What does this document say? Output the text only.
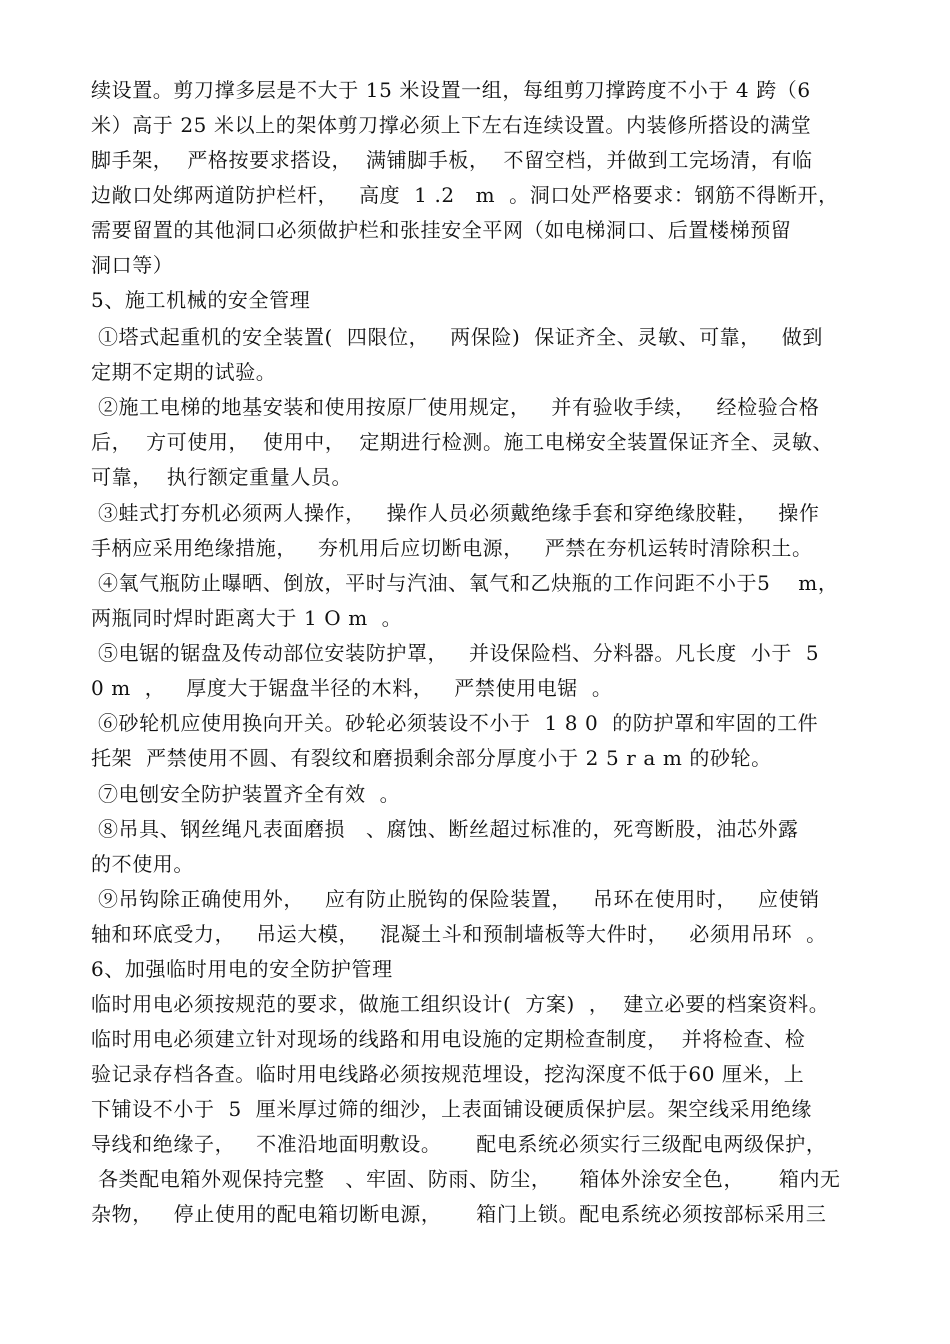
续设置。剪刀撑多层是不大于 15 米设置一组，每组剪刀撑跨度不小于 4 跨（6
米）高于 25 米以上的架体剪刀撑必须上下左右连续设置。内装修所搭设的满堂
脚手架，  严格按要求搭设，  满铺脚手板，  不留空档，并做到工完场清，有临
边敞口处绑两道防护栏杆，   高度  1 .2   m  。洞口处严格要求：钢筋不得断开，
需要留置的其他洞口必须做护栏和张挂安全平网（如电梯洞口、后置楼梯预留
洞口等）
5、施工机械的安全管理
①塔式起重机的安全装置(  四限位，   两保险)  保证齐全、灵敏、可靠，   做到
定期不定期的试验。
②施工电梯的地基安装和使用按原厂使用规定，   并有验收手续，   经检验合格
后，  方可使用，  使用中，  定期进行检测。施工电梯安全装置保证齐全、灵敏、
可靠，  执行额定重量人员。
③蛙式打夯机必须两人操作，   操作人员必须戴绝缘手套和穿绝缘胶鞋，   操作
手柄应采用绝缘措施，   夯机用后应切断电源，   严禁在夯机运转时清除积土。
④氧气瓶防止曝晒、倒放，平时与汽油、氧气和乙炔瓶的工作问距不小于5    m，
两瓶同时焊时距离大于 1 O m  。
⑤电锯的锯盘及传动部位安装防护罩，   并设保险档、分料器。凡长度  小于  5
0 m  ，   厚度大于锯盘半径的木料，   严禁使用电锯  。
⑥砂轮机应使用换向开关。砂轮必须装设不小于  1 8 0  的防护罩和牢固的工件
托架  严禁使用不圆、有裂纹和磨损剩余部分厚度小于 2 5 r a m 的砂轮。
⑦电刨安全防护装置齐全有效  。
⑧吊具、钢丝绳凡表面磨损   、腐蚀、断丝超过标准的，死弯断股，油芯外露
的不使用。
⑨吊钩除正确使用外，   应有防止脱钩的保险装置，   吊环在使用时，   应使销
轴和环底受力，   吊运大模，   混凝土斗和预制墙板等大件时，   必须用吊环  。
6、加强临时用电的安全防护管理
临时用电必须按规范的要求，做施工组织设计(  方案)  ，  建立必要的档案资料。
临时用电必须建立针对现场的线路和用电设施的定期检查制度，  并将检查、检
验记录存档各查。临时用电线路必须按规范埋设，挖沟深度不低于60 厘米，上
下铺设不小于  5  厘米厚过筛的细沙，上表面铺设硬质保护层。架空线采用绝缘
导线和绝缘子，   不准沿地面明敷设。     配电系统必须实行三级配电两级保护，
各类配电箱外观保持完整   、牢固、防雨、防尘，    箱体外涂安全色，     箱内无
杂物，   停止使用的配电箱切断电源，     箱门上锁。配电系统必须按部标采用三
